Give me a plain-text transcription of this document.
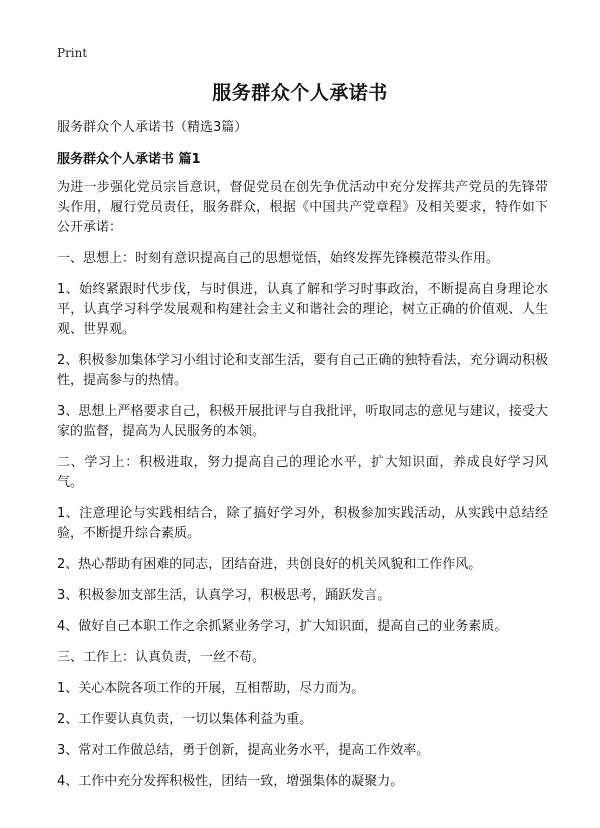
Print
服务群众个人承诺书

服务群众个人承诺书（精选3篇）

服务群众个人承诺书 篇1

为进一步强化党员宗旨意识，督促党员在创先争优活动中充分发挥共产党员的先锋带头作用，履行党员责任，服务群众，根据《中国共产党章程》及相关要求，特作如下公开承诺：

一、思想上：时刻有意识提高自己的思想觉悟，始终发挥先锋模范带头作用。

1、始终紧跟时代步伐，与时俱进，认真了解和学习时事政治，不断提高自身理论水平，认真学习科学发展观和构建社会主义和谐社会的理论，树立正确的价值观、人生观、世界观。

2、积极参加集体学习小组讨论和支部生活，要有自己正确的独特看法，充分调动积极性，提高参与的热情。

3、思想上严格要求自己，积极开展批评与自我批评，听取同志的意见与建议，接受大家的监督，提高为人民服务的本领。

二、学习上：积极进取，努力提高自己的理论水平，扩大知识面，养成良好学习风气。

1、注意理论与实践相结合，除了搞好学习外，积极参加实践活动，从实践中总结经验，不断提升综合素质。

2、热心帮助有困难的同志，团结奋进，共创良好的机关风貌和工作作风。

3、积极参加支部生活，认真学习，积极思考，踊跃发言。

4、做好自己本职工作之余抓紧业务学习，扩大知识面，提高自己的业务素质。

三、工作上：认真负责，一丝不苟。

1、关心本院各项工作的开展，互相帮助，尽力而为。

2、工作要认真负责，一切以集体利益为重。

3、常对工作做总结，勇于创新，提高业务水平，提高工作效率。

4、工作中充分发挥积极性，团结一致，增强集体的凝聚力。
